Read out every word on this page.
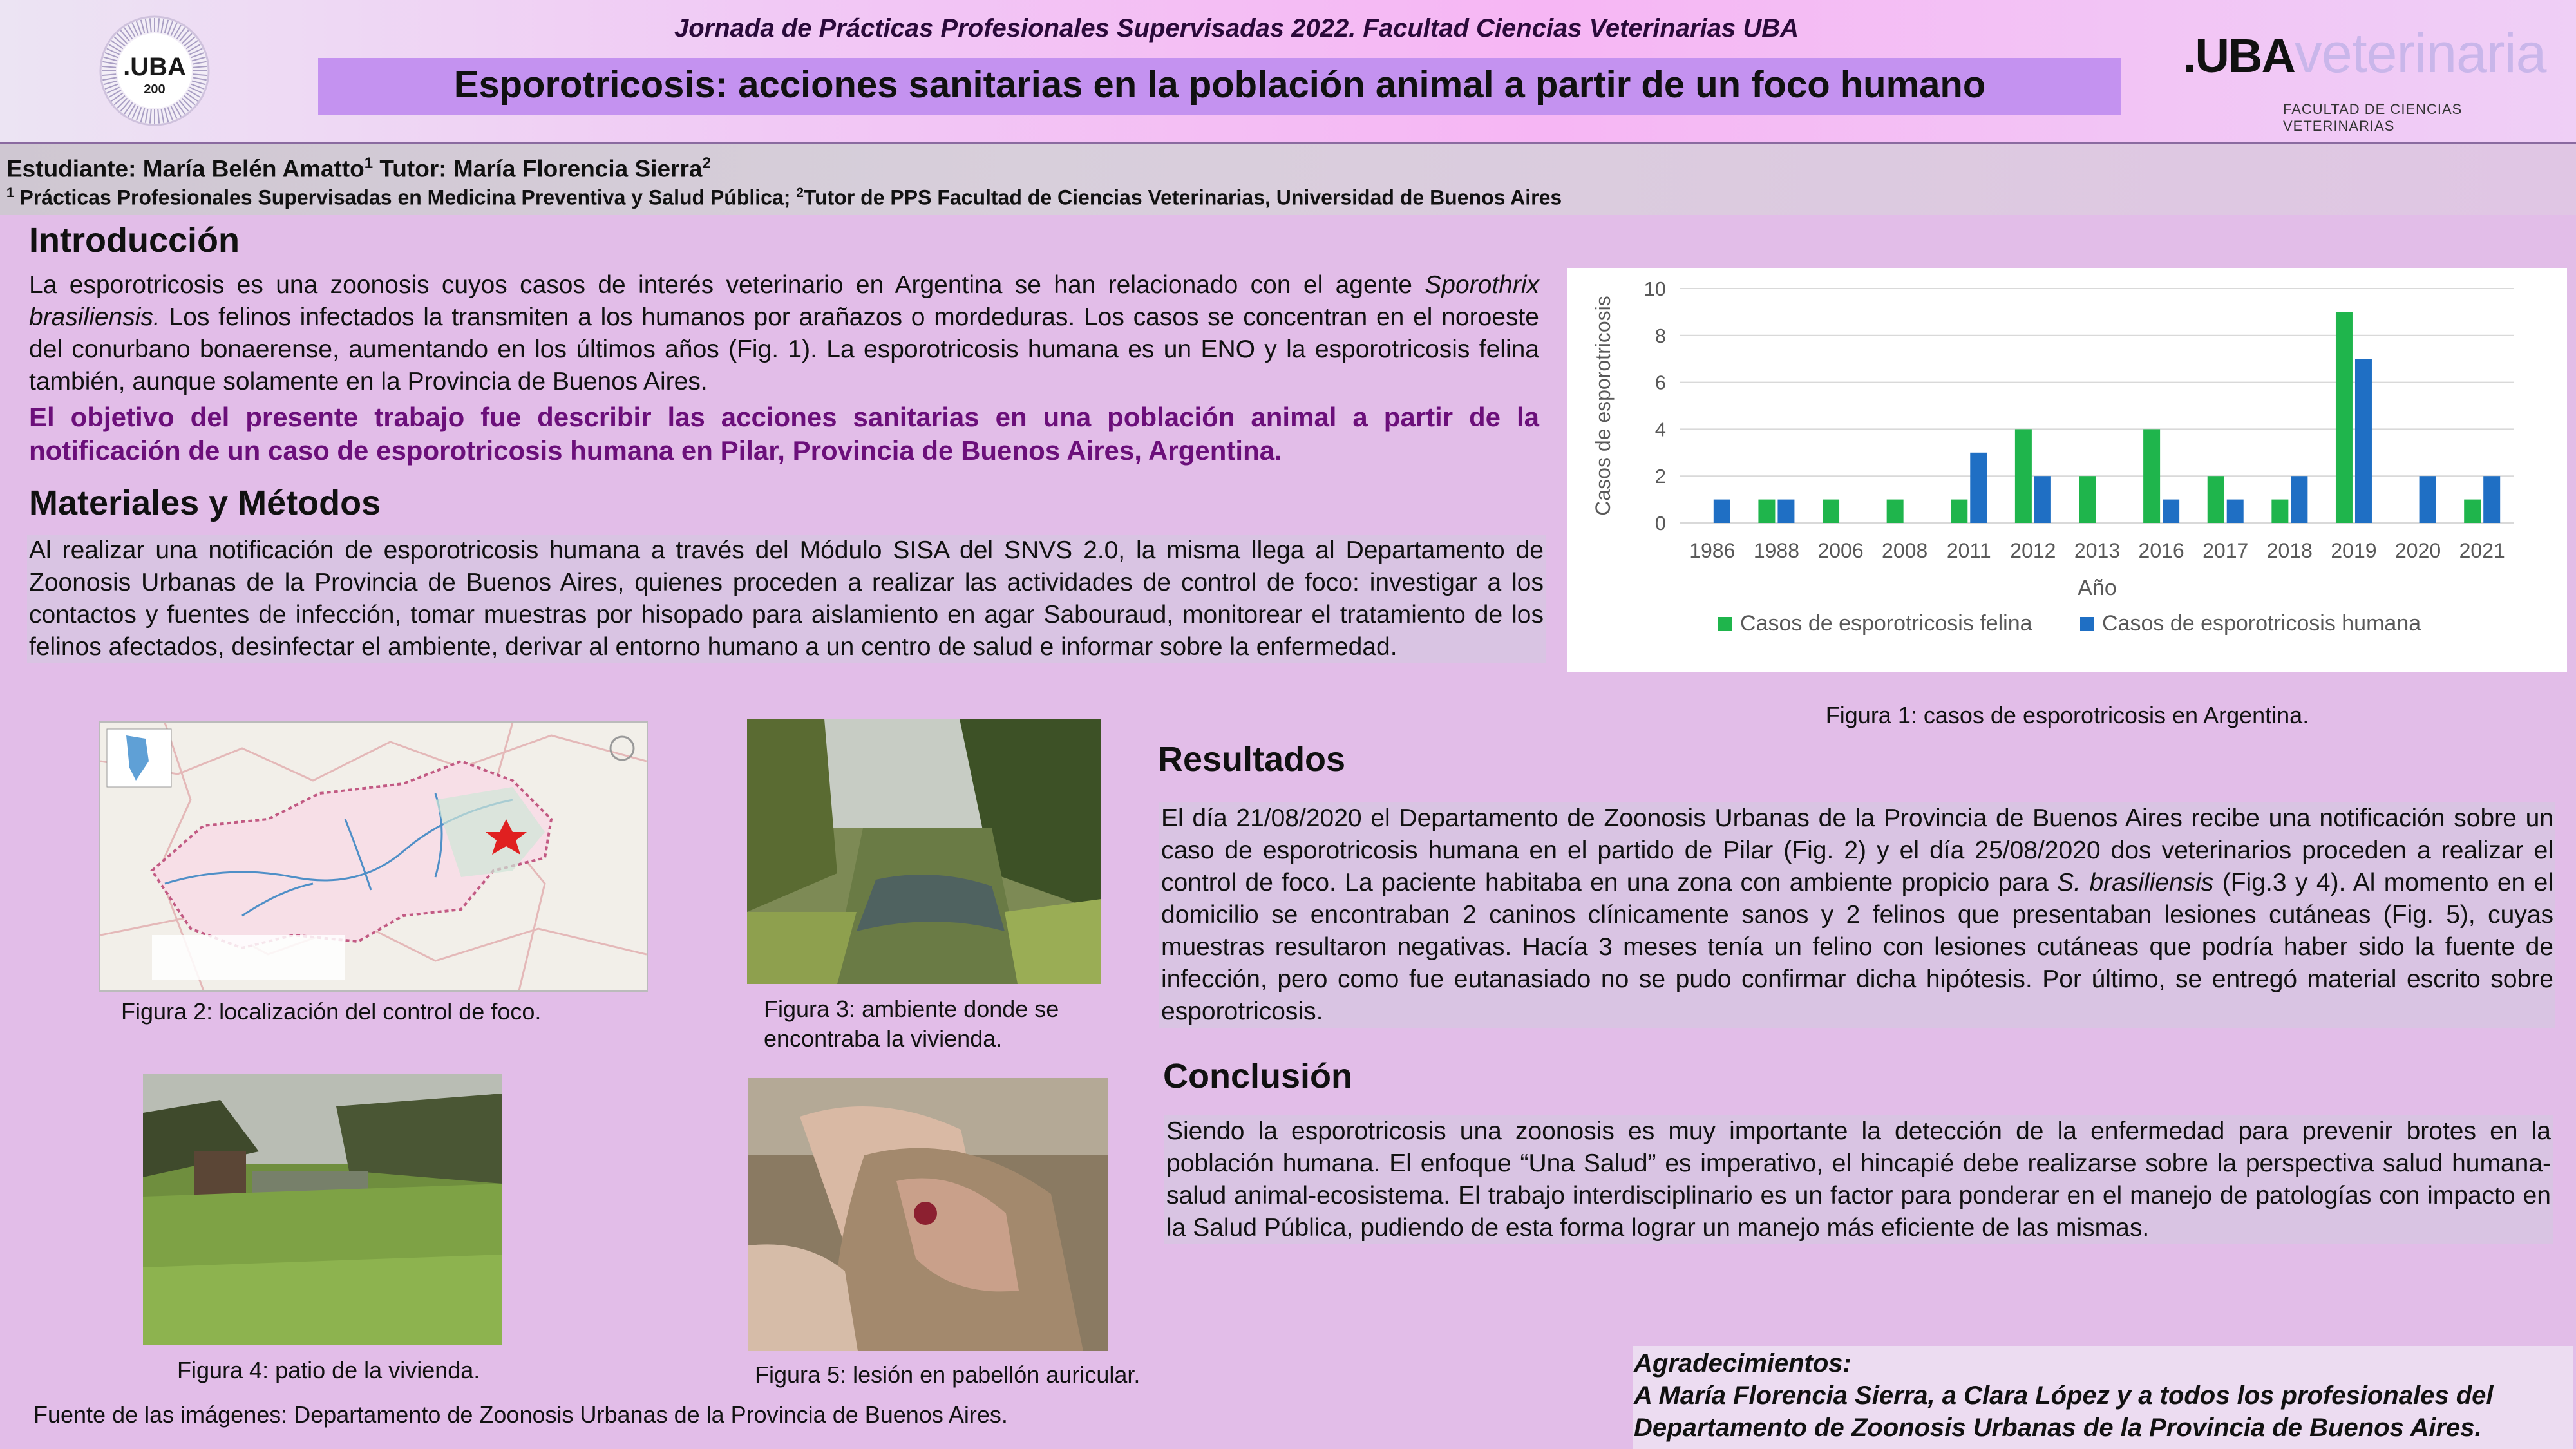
.UBA
200
Jornada de Prácticas Profesionales Supervisadas 2022. Facultad Ciencias Veterinarias UBA
Esporotricosis: acciones sanitarias en la población animal a partir de un foco humano
.UBAveterinaria
FACULTAD DE CIENCIAS VETERINARIAS
Estudiante: María Belén Amatto$^1$ Tutor: María Florencia Sierra$^2$
$^1$ Prácticas Profesionales Supervisadas en Medicina Preventiva y Salud Pública; $^2$Tutor de PPS Facultad de Ciencias Veterinarias, Universidad de Buenos Aires
Introducción
La esporotricosis es una zoonosis cuyos casos de interés veterinario en Argentina se han relacionado con el agente Sporothrix brasiliensis. Los felinos infectados la transmiten a los humanos por arañazos o mordeduras. Los casos se concentran en el noroeste del conurbano bonaerense, aumentando en los últimos años (Fig. 1). La esporotricosis humana es un ENO y la esporotricosis felina también, aunque solamente en la Provincia de Buenos Aires.
El objetivo del presente trabajo fue describir las acciones sanitarias en una población animal a partir de la notificación de un caso de esporotricosis humana en Pilar, Provincia de Buenos Aires, Argentina.
Materiales y Métodos
Al realizar una notificación de esporotricosis humana a través del Módulo SISA del SNVS 2.0, la misma llega al Departamento de Zoonosis Urbanas de la Provincia de Buenos Aires, quienes proceden a realizar las actividades de control de foco: investigar a los contactos y fuentes de infección, tomar muestras por hisopado para aislamiento en agar Sabouraud, monitorear el tratamiento de los felinos afectados, desinfectar el ambiente, derivar al entorno humano a un centro de salud e informar sobre la enfermedad.
0
2
4
6
8
10
1986 1988 2006 2008 2011 2012 2013 2016 2017 2018 2019 2020 2021
Año
Casos de esporotricosis
Casos de esporotricosis felina	Casos de esporotricosis humana
Figura 1: casos de esporotricosis en Argentina.
Figura 2: localización del control de foco.	Figura 3: ambiente donde se encontraba la vivienda.
Figura 4: patio de la vivienda.	Figura 5: lesión en pabellón auricular.
Fuente de las imágenes: Departamento de Zoonosis Urbanas de la Provincia de Buenos Aires.
Resultados
El día 21/08/2020 el Departamento de Zoonosis Urbanas de la Provincia de Buenos Aires recibe una notificación sobre un caso de esporotricosis humana en el partido de Pilar (Fig. 2) y el día 25/08/2020 dos veterinarios proceden a realizar el control de foco. La paciente habitaba en una zona con ambiente propicio para S. brasiliensis (Fig.3 y 4). Al momento en el domicilio se encontraban 2 caninos clínicamente sanos y 2 felinos que presentaban lesiones cutáneas (Fig. 5), cuyas muestras resultaron negativas. Hacía 3 meses tenía un felino con lesiones cutáneas que podría haber sido la fuente de infección, pero como fue eutanasiado no se pudo confirmar dicha hipótesis. Por último, se entregó material escrito sobre esporotricosis.
Conclusión
Siendo la esporotricosis una zoonosis es muy importante la detección de la enfermedad para prevenir brotes en la población humana. El enfoque “Una Salud” es imperativo, el hincapié debe realizarse sobre la perspectiva salud humana-salud animal-ecosistema. El trabajo interdisciplinario es un factor para ponderar en el manejo de patologías con impacto en la Salud Pública, pudiendo de esta forma lograr un manejo más eficiente de las mismas.
Agradecimientos:
A María Florencia Sierra, a Clara López y a todos los profesionales del Departamento de Zoonosis Urbanas de la Provincia de Buenos Aires.
